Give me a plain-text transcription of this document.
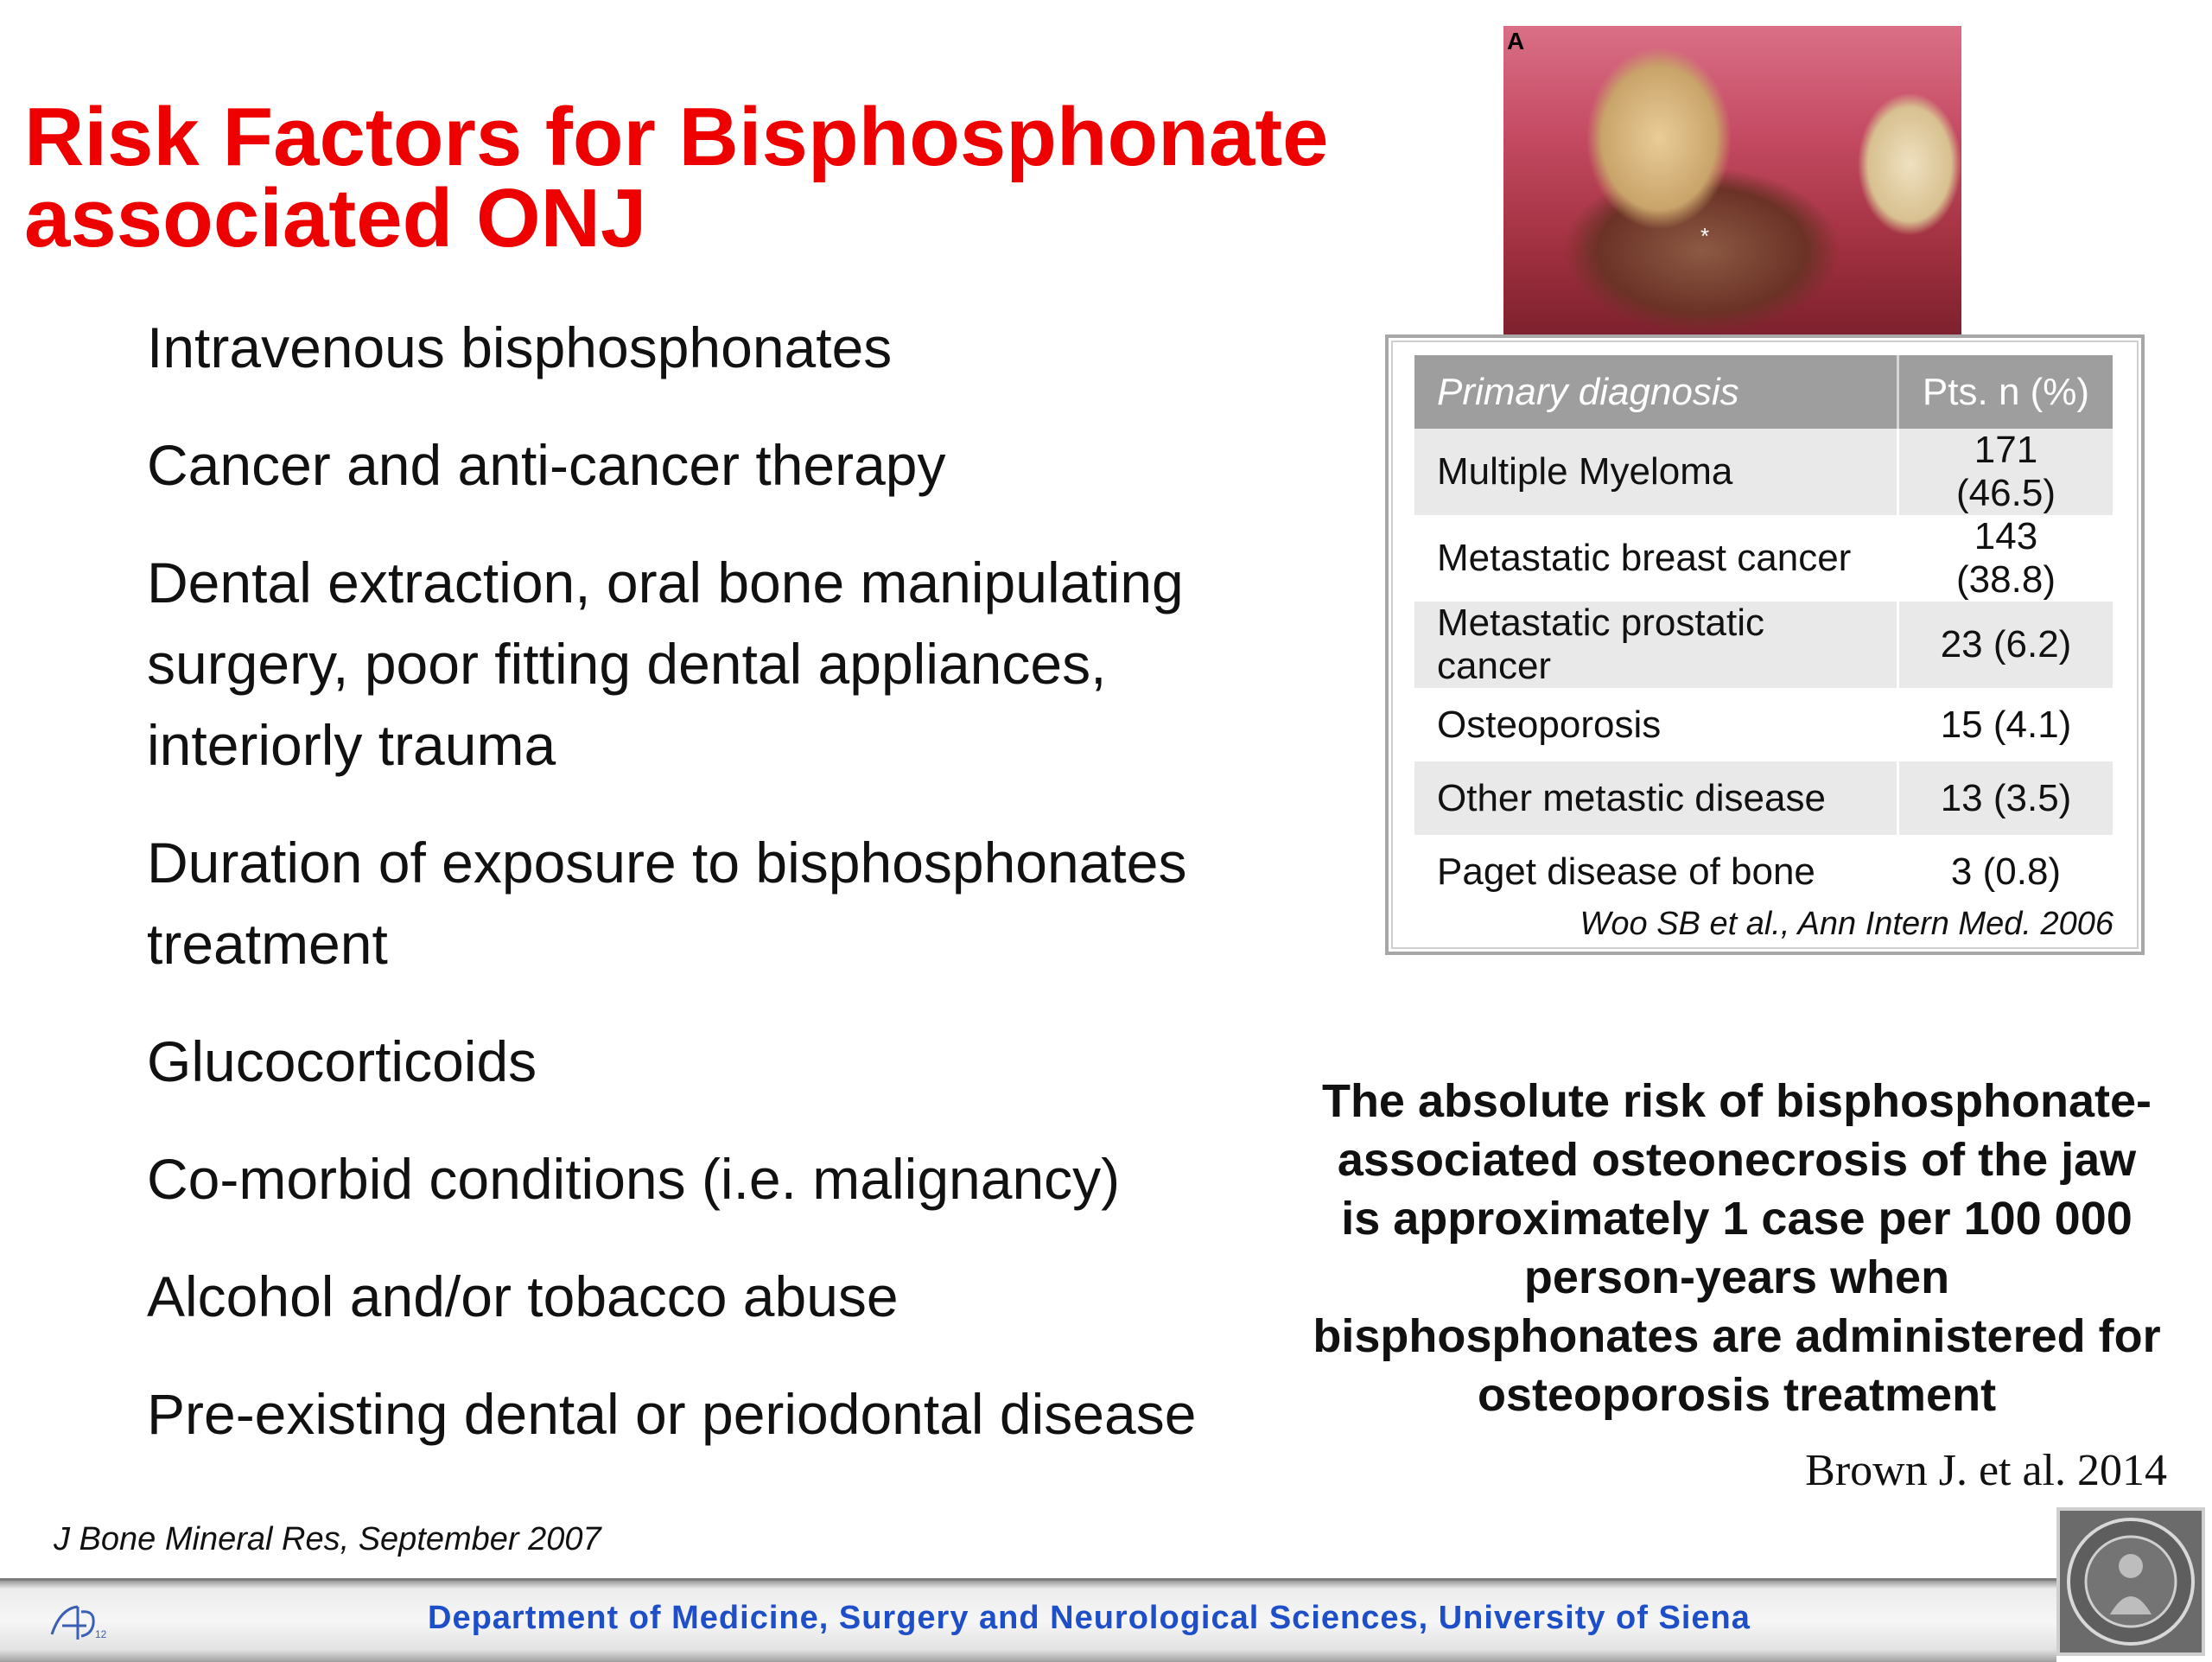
Risk Factors for Bisphosphonate
associated ONJ
Intravenous bisphosphonates
Cancer and anti-cancer therapy
Dental extraction, oral bone manipulating surgery, poor fitting dental appliances, interiorly trauma
Duration of exposure to bisphosphonates treatment
Glucocorticoids
Co-morbid conditions (i.e. malignancy)
Alcohol and/or tobacco abuse
Pre-existing dental or periodontal disease
A
*
Primary diagnosis	Pts. n (%)
Multiple Myeloma	171 (46.5)
Metastatic breast cancer	143 (38.8)
Metastatic prostatic cancer	23 (6.2)
Osteoporosis	15 (4.1)
Other metastic disease	13 (3.5)
Paget disease of bone	3 (0.8)
Woo SB et al., Ann Intern Med. 2006
The absolute risk of bisphosphonate-
associated osteonecrosis of the jaw
is approximately 1 case per 100 000
person-years when
bisphosphonates are administered for
osteoporosis treatment
Brown J. et al. 2014
J Bone Mineral Res, September 2007
12	Department of Medicine, Surgery and Neurological Sciences, University of Siena
